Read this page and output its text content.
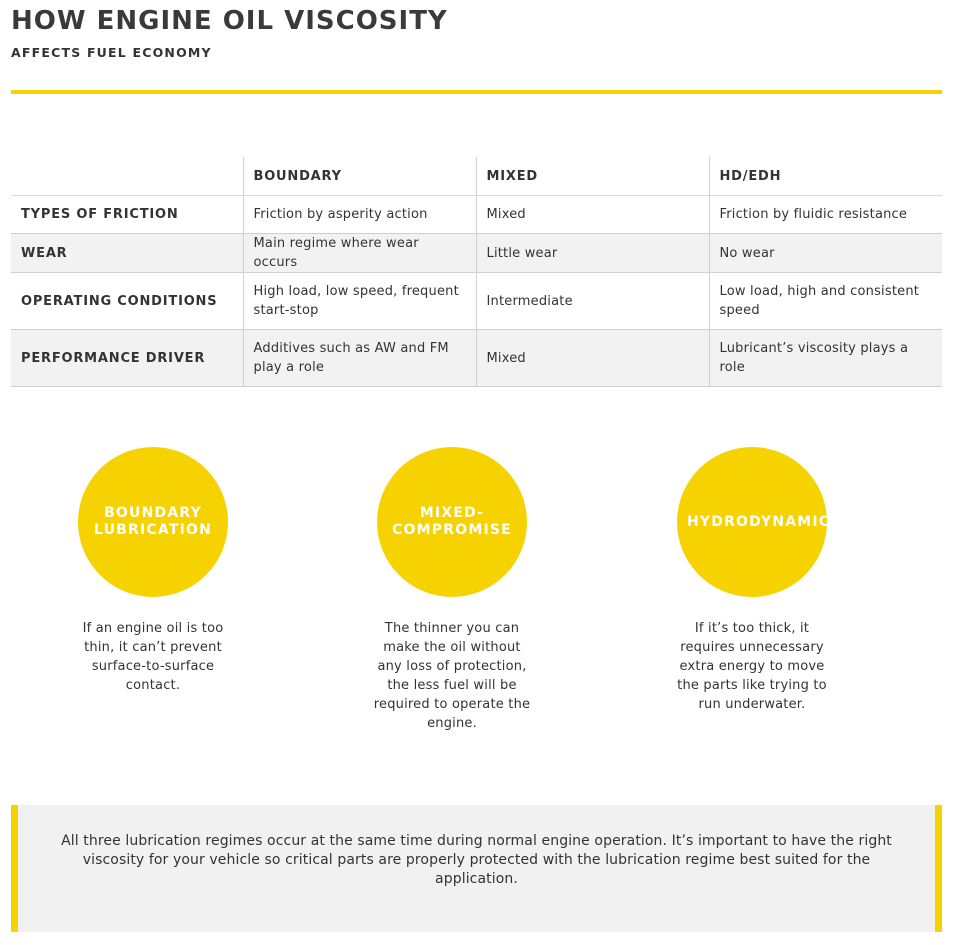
HOW ENGINE OIL VISCOSITY
AFFECTS FUEL ECONOMY
	BOUNDARY	MIXED	HD/EDH
TYPES OF FRICTION	Friction by asperity action	Mixed	Friction by fluidic resistance
WEAR	Main regime where wear occurs	Little wear	No wear
OPERATING CONDITIONS	High load, low speed, frequent start-stop	Intermediate	Low load, high and consistent speed
PERFORMANCE DRIVER	Additives such as AW and FM play a role	Mixed	Lubricant’s viscosity plays a role
BOUNDARY LUBRICATION

If an engine oil is too thin, it can’t prevent surface-to-surface contact.

MIXED-COMPROMISE

The thinner you can make the oil without any loss of protection, the less fuel will be required to operate the engine.

HYDRODYNAMIC

If it’s too thick, it requires unnecessary extra energy to move the parts like trying to run underwater.

All three lubrication regimes occur at the same time during normal engine operation. It’s important to have the right viscosity for your vehicle so critical parts are properly protected with the lubrication regime best suited for the application.
